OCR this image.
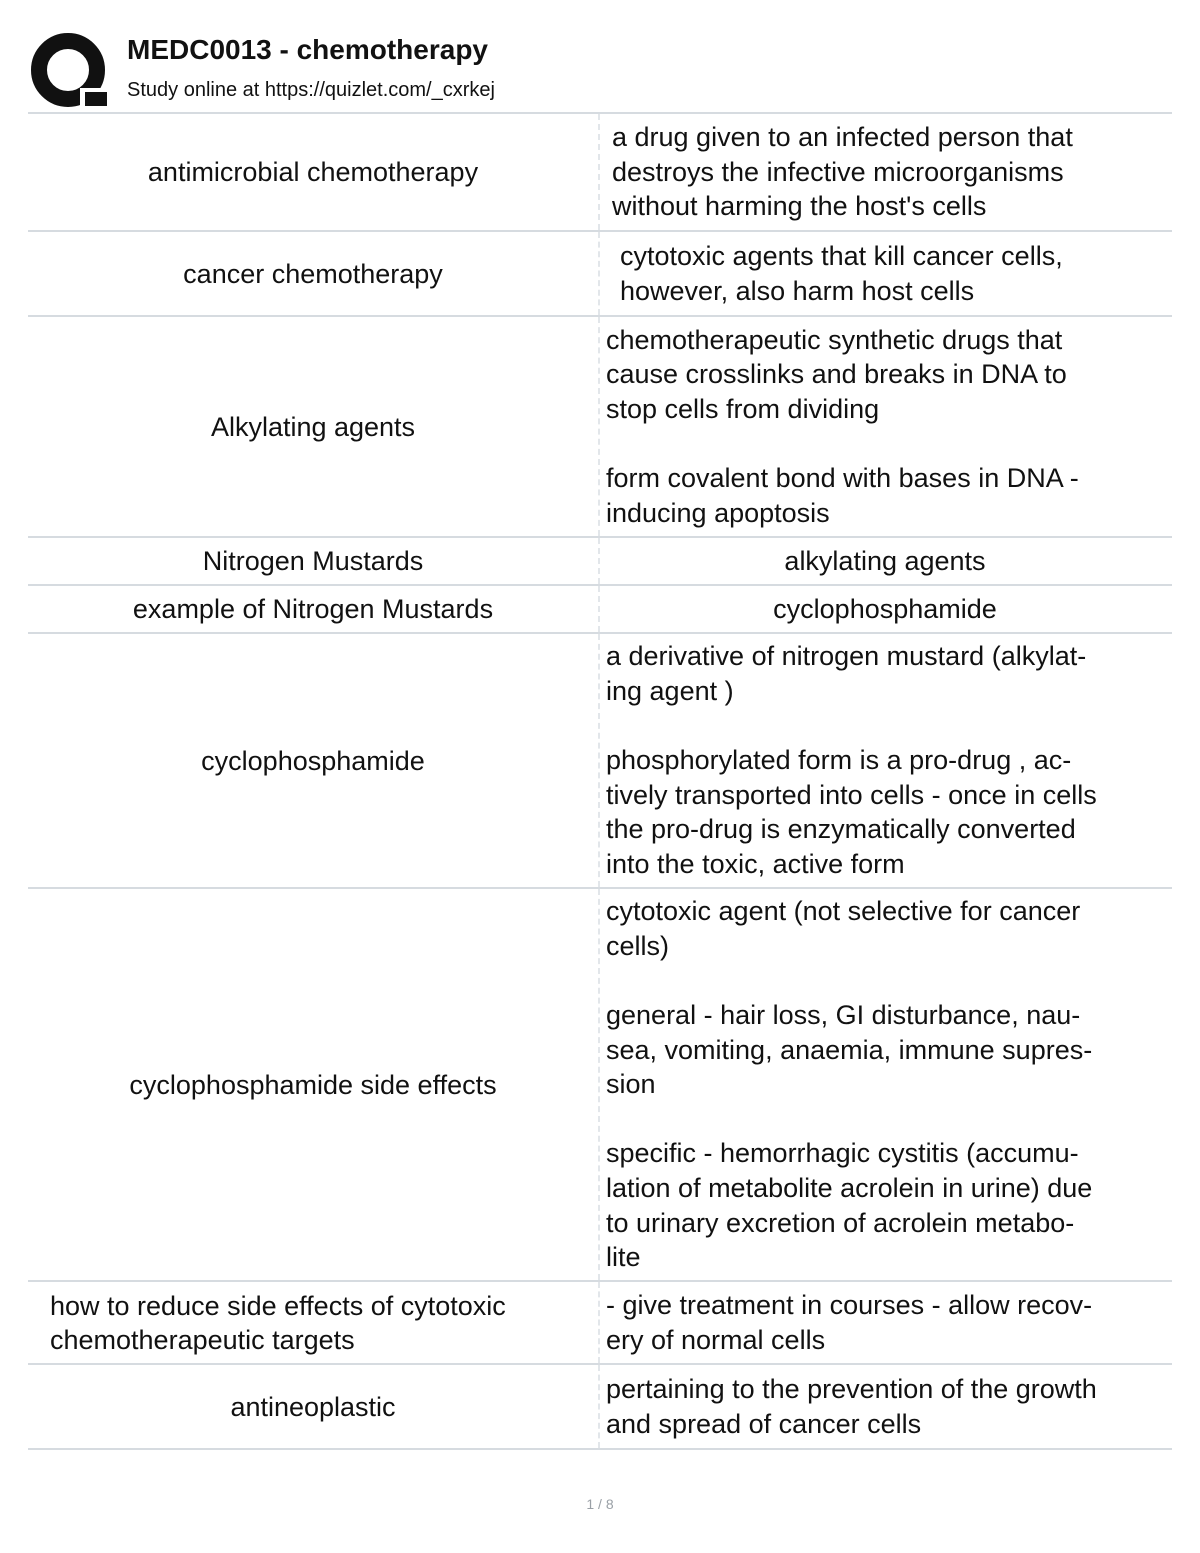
MEDC0013 - chemotherapy
Study online at https://quizlet.com/_cxrkej
antimicrobial chemotherapy
a drug given to an infected person that
destroys the infective microorganisms
without harming the host's cells
cancer chemotherapy
cytotoxic agents that kill cancer cells,
however, also harm host cells
Alkylating agents
chemotherapeutic synthetic drugs that
cause crosslinks and breaks in DNA to
stop cells from dividing

form covalent bond with bases in DNA -
inducing apoptosis
Nitrogen Mustards	alkylating agents
example of Nitrogen Mustards	cyclophosphamide
cyclophosphamide
a derivative of nitrogen mustard (alkylat-
ing agent )

phosphorylated form is a pro-drug , ac-
tively transported into cells - once in cells
the pro-drug is enzymatically converted
into the toxic, active form
cyclophosphamide side effects
cytotoxic agent (not selective for cancer
cells)

general - hair loss, GI disturbance, nau-
sea, vomiting, anaemia, immune supres-
sion

specific - hemorrhagic cystitis (accumu-
lation of metabolite acrolein in urine) due
to urinary excretion of acrolein metabo-
lite
how to reduce side effects of cytotoxic
chemotherapeutic targets
- give treatment in courses - allow recov-
ery of normal cells
antineoplastic
pertaining to the prevention of the growth
and spread of cancer cells
1 / 8
